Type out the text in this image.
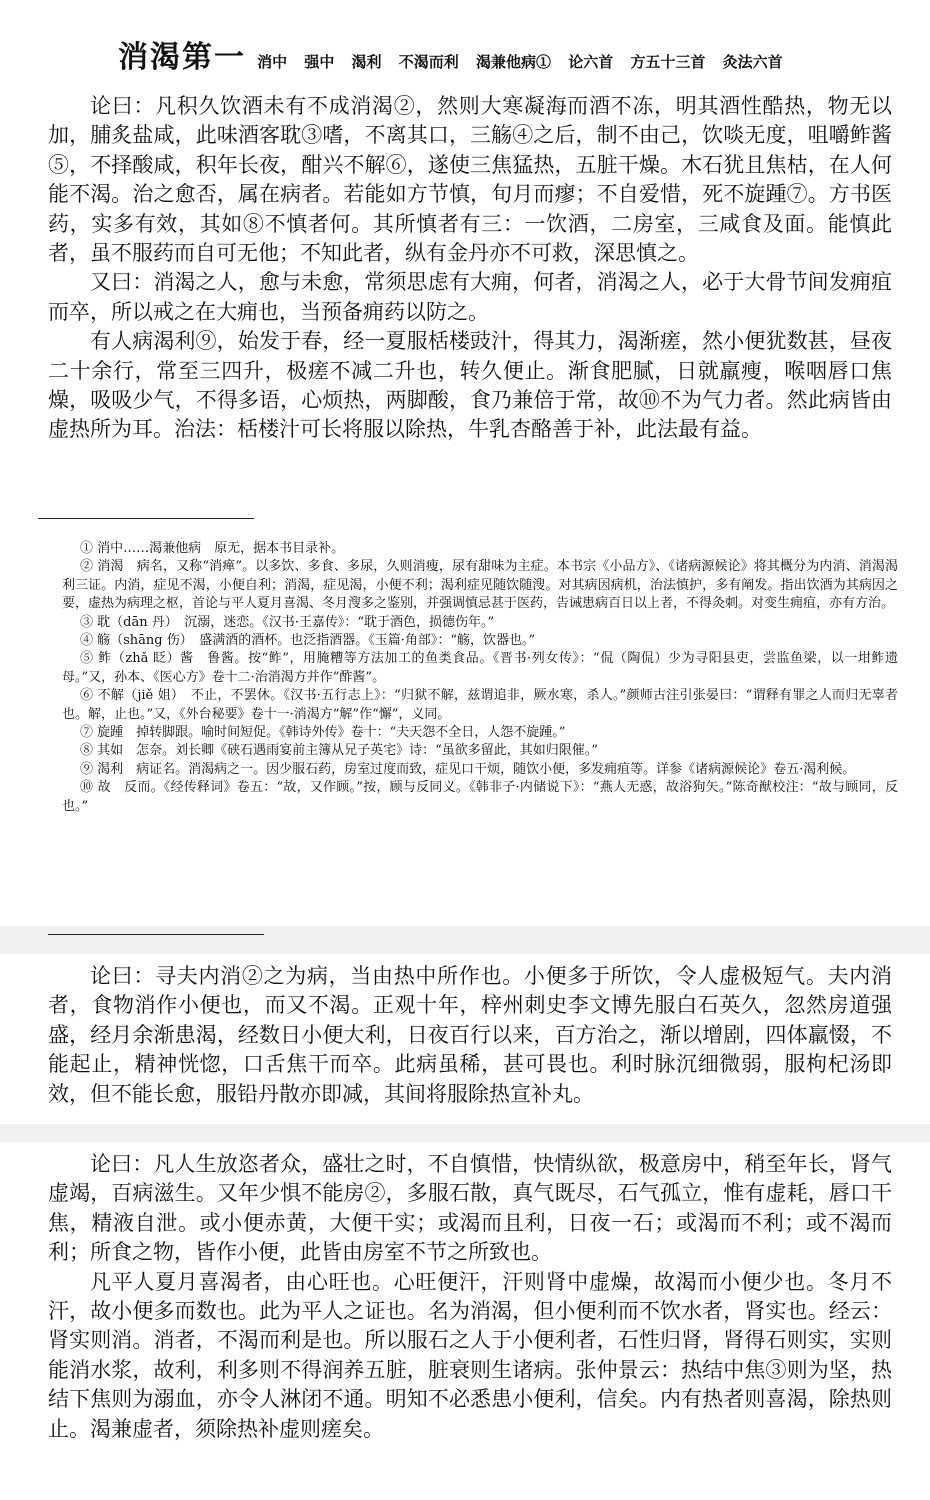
消渴第一 消中 强中 渴利 不渴而利 渴兼他病① 论六首 方五十三首 灸法六首

论曰：凡积久饮酒未有不成消渴②，然则大寒凝海而酒不冻，明其酒性酷热，物无以加，脯炙盐咸，此味酒客耽③嗜，不离其口，三觞④之后，制不由己，饮啖无度，咀嚼鲊酱⑤，不择酸咸，积年长夜，酣兴不解⑥，遂使三焦猛热，五脏干燥。木石犹且焦枯，在人何能不渴。治之愈否，属在病者。若能如方节慎，旬月而瘳；不自爱惜，死不旋踵⑦。方书医药，实多有效，其如⑧不慎者何。其所慎者有三：一饮酒，二房室，三咸食及面。能慎此者，虽不服药而自可无他；不知此者，纵有金丹亦不可救，深思慎之。

又曰：消渴之人，愈与未愈，常须思虑有大痈，何者，消渴之人，必于大骨节间发痈疽而卒，所以戒之在大痈也，当预备痈药以防之。

有人病渴利⑨，始发于春，经一夏服栝楼豉汁，得其力，渴渐瘥，然小便犹数甚，昼夜二十余行，常至三四升，极瘥不减二升也，转久便止。渐食肥腻，日就羸瘦，喉咽唇口焦燥，吸吸少气，不得多语，心烦热，两脚酸，食乃兼倍于常，故⑩不为气力者。然此病皆由虚热所为耳。治法：栝楼汁可长将服以除热，牛乳杏酪善于补，此法最有益。

① 消中……渴兼他病　原无，据本书目录补。

② 消渴　病名，又称“消瘅”。以多饮、多食、多尿，久则消瘦，尿有甜味为主症。本书宗《小品方》、《诸病源候论》将其概分为内消、消渴渴利三证。内消，症见不渴，小便自利；消渴，症见渴，小便不利；渴利症见随饮随溲。对其病因病机，治法慎护，多有阐发。指出饮酒为其病因之要，虚热为病理之枢，首论与平人夏月喜渴、冬月溲多之鉴别，并强调慎忌甚于医药，告诫患病百日以上者，不得灸刺。对变生痈疽，亦有方治。

③ 耽（dān 丹）　沉溺，迷恋。《汉书·王嘉传》：“耽于酒色，损德伤年。”

④ 觞（shāng 伤）　盛满酒的酒杯。也泛指酒器。《玉篇·角部》：“觞，饮器也。”

⑤ 鲊（zhǎ 眨）酱　鲁酱。按“鲊”，用腌糟等方法加工的鱼类食品。《晋书·列女传》：“侃（陶侃）少为寻阳县吏，尝监鱼梁，以一坩鲊遗母。”又，孙本、《医心方》卷十二·治消渴方并作“酢酱”。

⑥ 不解（jiě 姐）　不止，不罢休。《汉书·五行志上》：“归狱不解，兹谓追非，厥水寒，杀人。”颜师古注引张晏曰：“谓释有罪之人而归无辜者也。解，止也。”又，《外台秘要》卷十一·消渴方“解”作“懈”，义同。

⑦ 旋踵　掉转脚跟。喻时间短促。《韩诗外传》卷十：“夫天怨不全日，人怨不旋踵。”

⑧ 其如　怎奈。刘长卿《硖石遇雨宴前主簿从兄子英宅》诗：“虽欲多留此，其如归限催。”

⑨ 渴利　病证名。消渴病之一。因少服石药，房室过度而致，症见口干烦，随饮小便，多发痈疽等。详参《诸病源候论》卷五·渴利候。

⑩ 故　反而。《经传释词》卷五：“故，又作顾。”按，顾与反同义。《韩非子·内储说下》：“燕人无惑，故浴狗矢。”陈奇猷校注：“故与顾同，反也。”

论曰：寻夫内消②之为病，当由热中所作也。小便多于所饮，令人虚极短气。夫内消者，食物消作小便也，而又不渴。正观十年，梓州刺史李文博先服白石英久，忽然房道强盛，经月余渐患渴，经数日小便大利，日夜百行以来，百方治之，渐以增剧，四体羸惙，不能起止，精神恍惚，口舌焦干而卒。此病虽稀，甚可畏也。利时脉沉细微弱，服枸杞汤即效，但不能长愈，服铅丹散亦即减，其间将服除热宣补丸。

论曰：凡人生放恣者众，盛壮之时，不自慎惜，快情纵欲，极意房中，稍至年长，肾气虚竭，百病滋生。又年少惧不能房②，多服石散，真气既尽，石气孤立，惟有虚耗，唇口干焦，精液自泄。或小便赤黄，大便干实；或渴而且利，日夜一石；或渴而不利；或不渴而利；所食之物，皆作小便，此皆由房室不节之所致也。

凡平人夏月喜渴者，由心旺也。心旺便汗，汗则肾中虚燥，故渴而小便少也。冬月不汗，故小便多而数也。此为平人之证也。名为消渴，但小便利而不饮水者，肾实也。经云：肾实则消。消者，不渴而利是也。所以服石之人于小便利者，石性归肾，肾得石则实，实则能消水浆，故利，利多则不得润养五脏，脏衰则生诸病。张仲景云：热结中焦③则为坚，热结下焦则为溺血，亦令人淋闭不通。明知不必悉患小便利，信矣。内有热者则喜渴，除热则止。渴兼虚者，须除热补虚则瘥矣。
